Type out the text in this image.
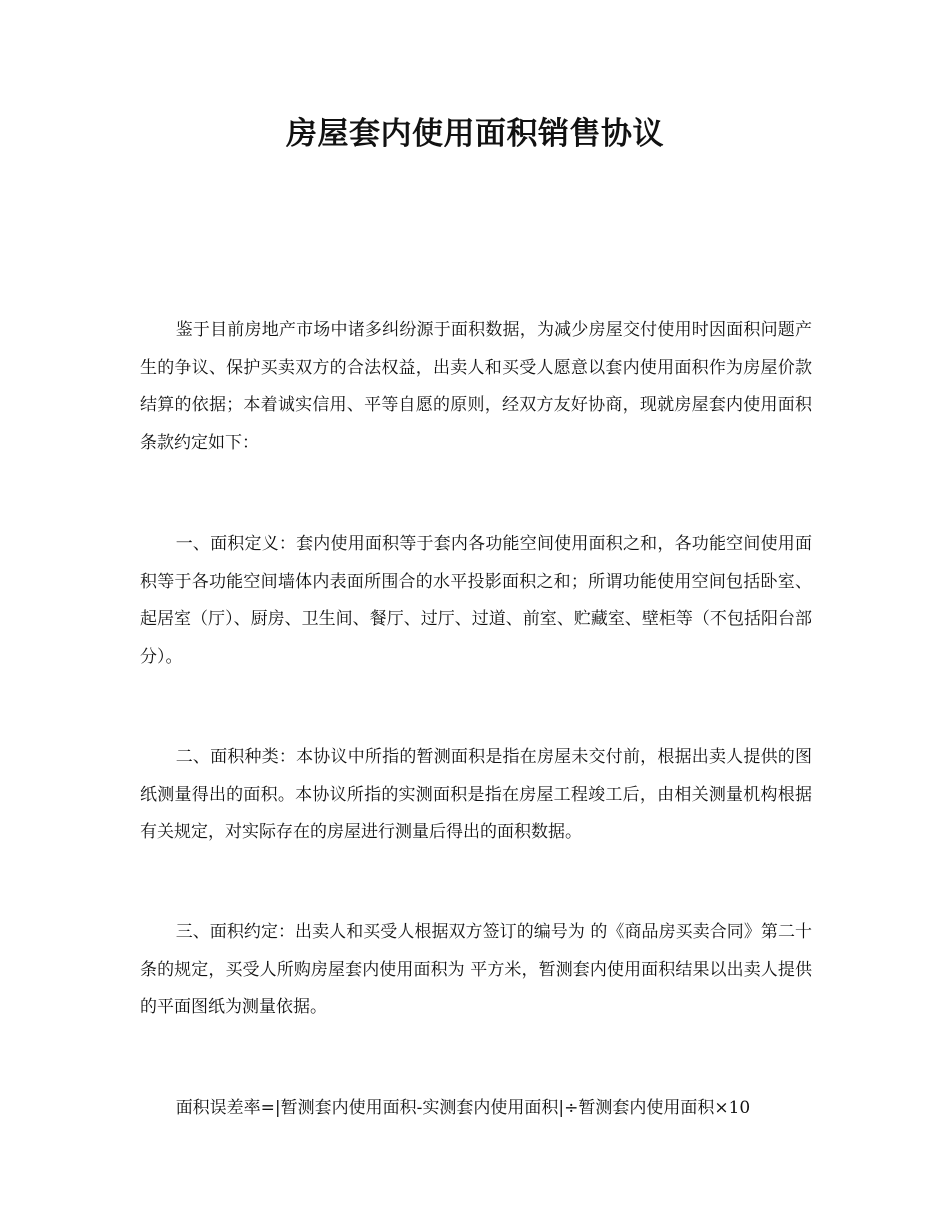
房屋套内使用面积销售协议

鉴于目前房地产市场中诸多纠纷源于面积数据，为减少房屋交付使用时因面积问题产生的争议、保护买卖双方的合法权益，出卖人和买受人愿意以套内使用面积作为房屋价款结算的依据；本着诚实信用、平等自愿的原则，经双方友好协商，现就房屋套内使用面积条款约定如下：

一、面积定义：套内使用面积等于套内各功能空间使用面积之和，各功能空间使用面积等于各功能空间墙体内表面所围合的水平投影面积之和；所谓功能使用空间包括卧室、起居室（厅）、厨房、卫生间、餐厅、过厅、过道、前室、贮藏室、壁柜等（不包括阳台部分）。

二、面积种类：本协议中所指的暂测面积是指在房屋未交付前，根据出卖人提供的图纸测量得出的面积。本协议所指的实测面积是指在房屋工程竣工后，由相关测量机构根据有关规定，对实际存在的房屋进行测量后得出的面积数据。

三、面积约定：出卖人和买受人根据双方签订的编号为 的《商品房买卖合同》第二十条的规定，买受人所购房屋套内使用面积为 平方米，暂测套内使用面积结果以出卖人提供的平面图纸为测量依据。

面积误差率=|暂测套内使用面积-实测套内使用面积|÷暂测套内使用面积×10
